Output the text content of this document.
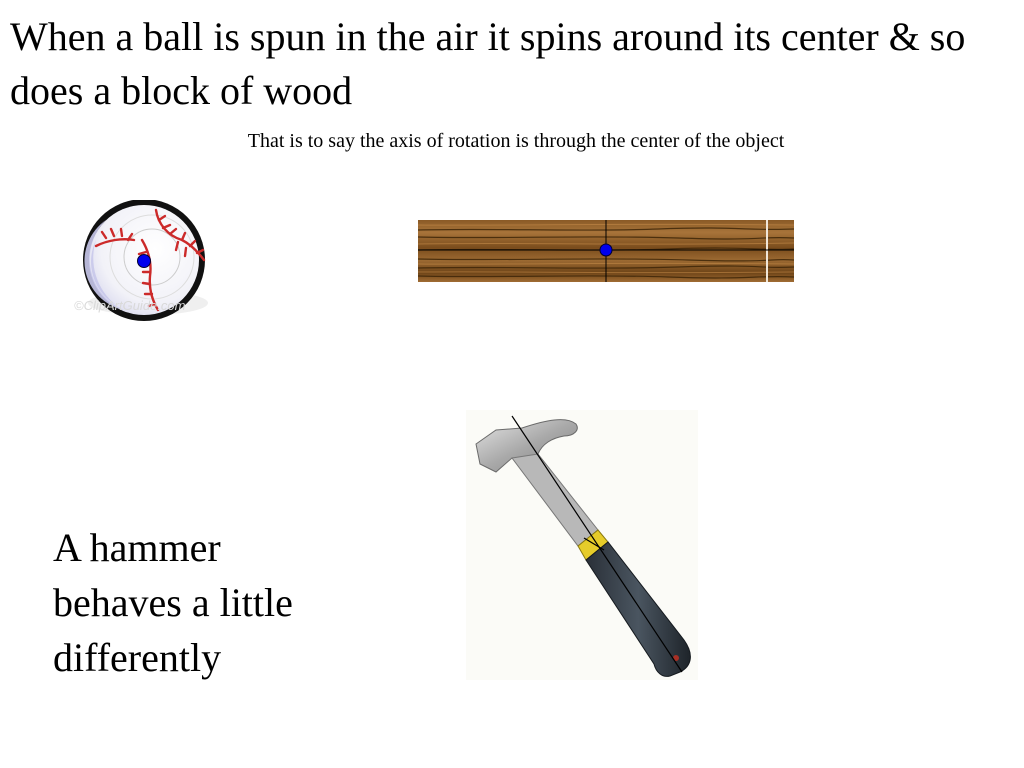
When a ball is spun in the air it spins around its center & so does a block of wood
That is to say the axis of rotation is through the center of the object
©ClipArtGuide.com
A hammer
behaves a little
differently
